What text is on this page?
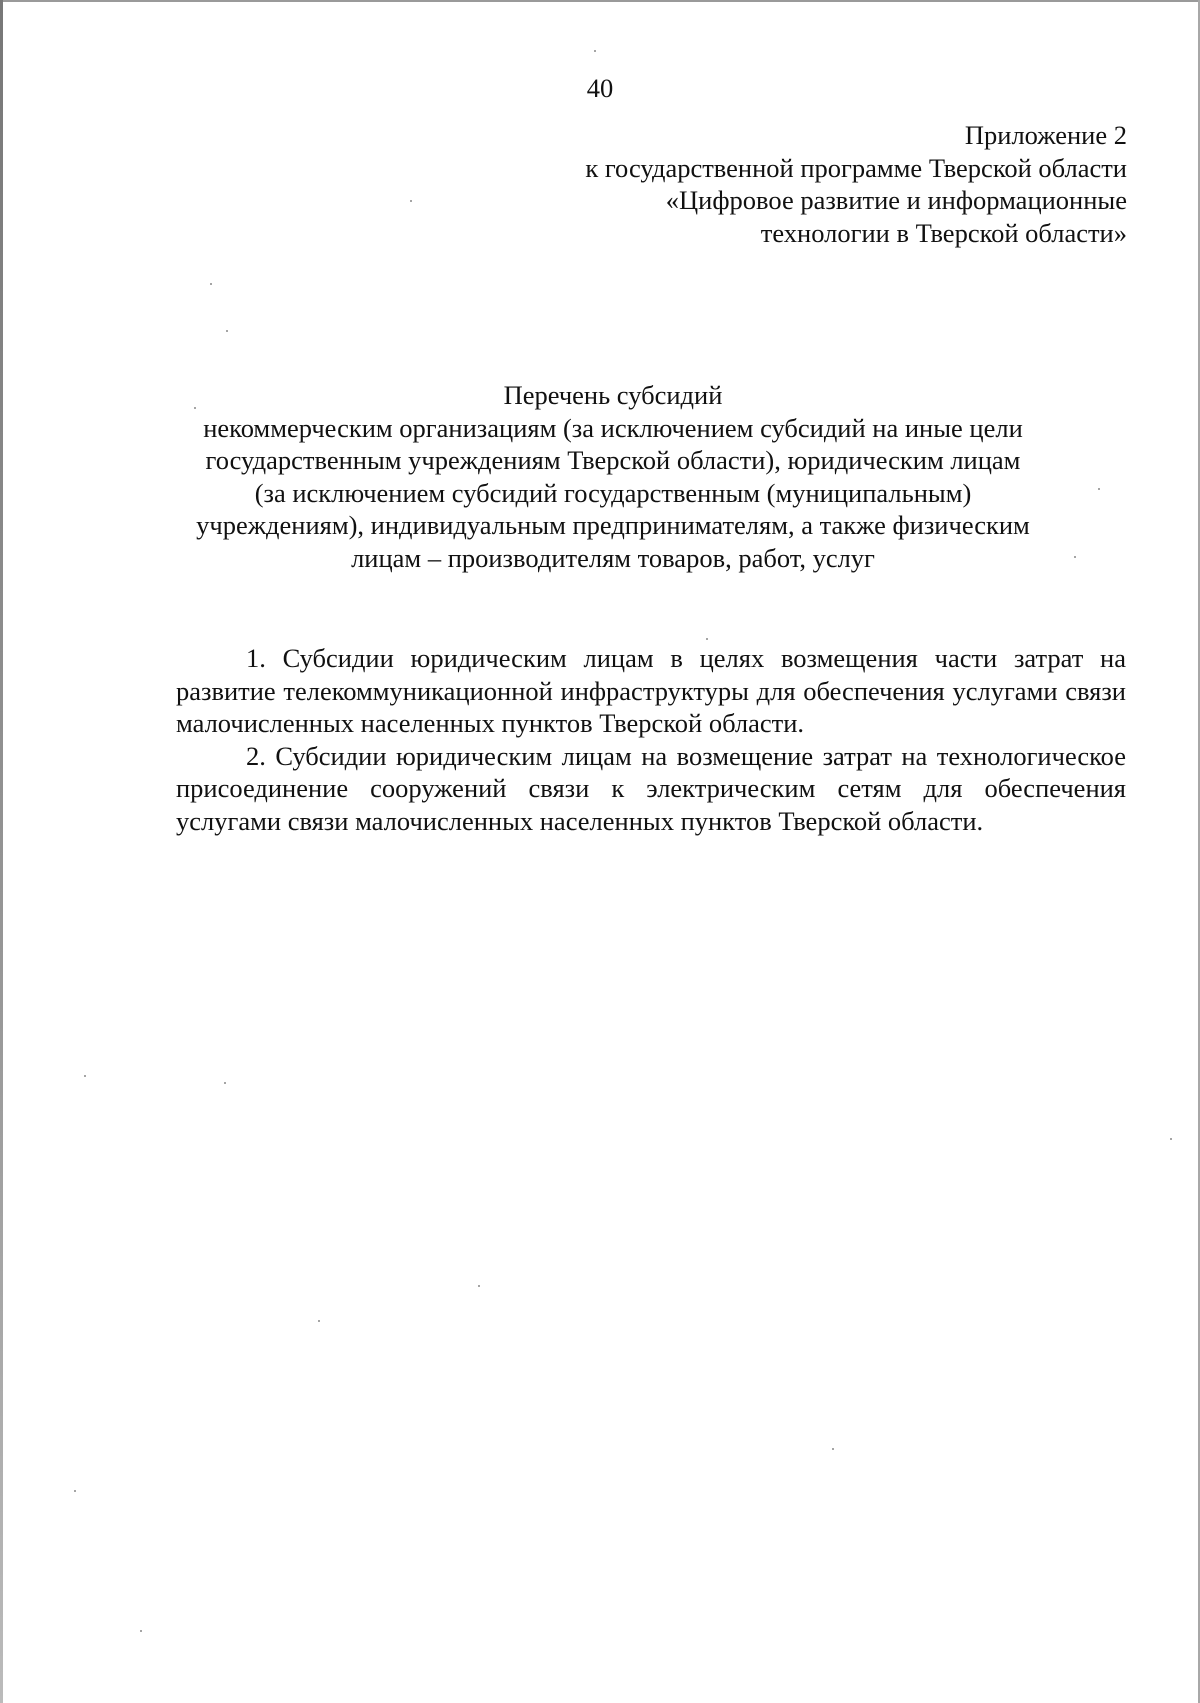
40
Приложение 2
к государственной программе Тверской области
«Цифровое развитие и информационные
технологии в Тверской области»
Перечень субсидий
некоммерческим организациям (за исключением субсидий на иные цели
государственным учреждениям Тверской области), юридическим лицам
(за исключением субсидий государственным (муниципальным)
учреждениям), индивидуальным предпринимателям, а также физическим
лицам – производителям товаров, работ, услуг

1. Субсидии юридическим лицам в целях возмещения части затрат на развитие телекоммуникационной инфраструктуры для обеспечения услугами связи малочисленных населенных пунктов Тверской области.

2. Субсидии юридическим лицам на возмещение затрат на технологическое присоединение сооружений связи к электрическим сетям для обеспечения услугами связи малочисленных населенных пунктов Тверской области.
